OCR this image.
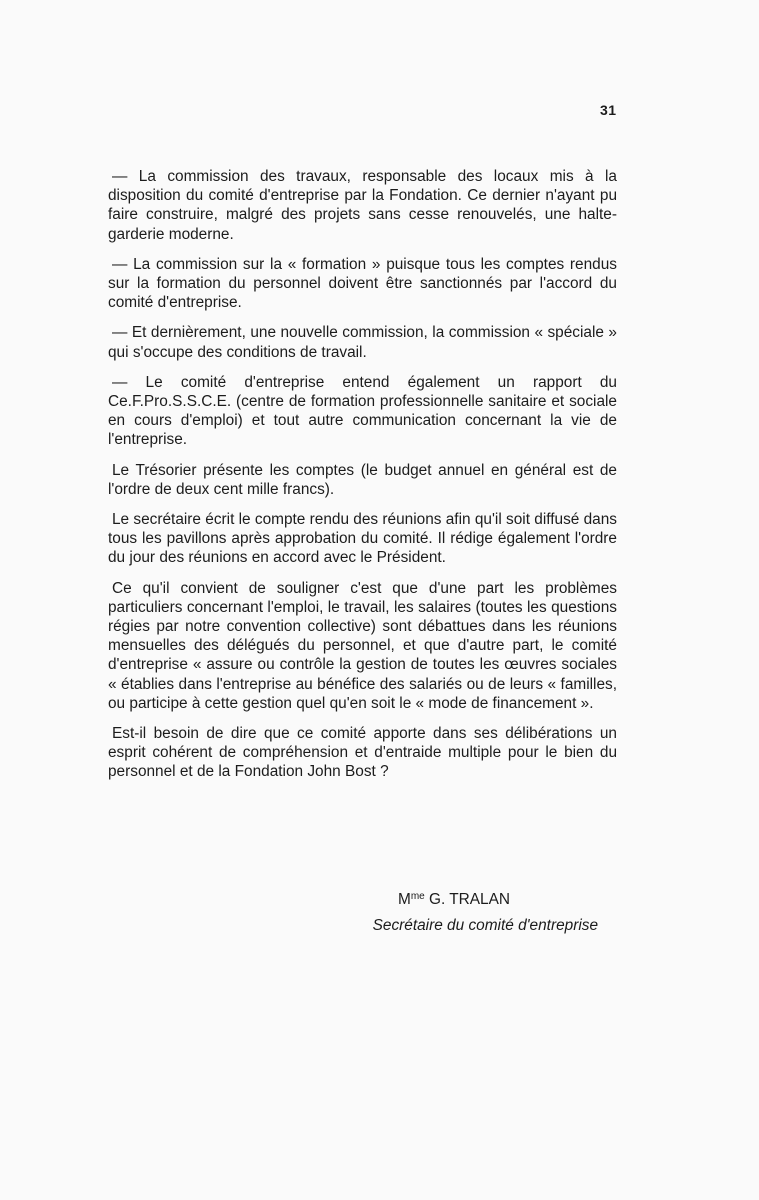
31

— La commission des travaux, responsable des locaux mis à la disposition du comité d'entreprise par la Fondation. Ce dernier n'ayant pu faire construire, malgré des projets sans cesse renouvelés, une halte-garderie moderne.

— La commission sur la « formation » puisque tous les comptes rendus sur la formation du personnel doivent être sanctionnés par l'accord du comité d'entreprise.

— Et dernièrement, une nouvelle commission, la commission « spéciale » qui s'occupe des conditions de travail.

— Le comité d'entreprise entend également un rapport du Ce.F.Pro.S.S.C.E. (centre de formation professionnelle sanitaire et sociale en cours d'emploi) et tout autre communication concernant la vie de l'entreprise.

Le Trésorier présente les comptes (le budget annuel en général est de l'ordre de deux cent mille francs).

Le secrétaire écrit le compte rendu des réunions afin qu'il soit diffusé dans tous les pavillons après approbation du comité. Il rédige également l'ordre du jour des réunions en accord avec le Président.

Ce qu'il convient de souligner c'est que d'une part les problèmes particuliers concernant l'emploi, le travail, les salaires (toutes les questions régies par notre convention collective) sont débattues dans les réunions mensuelles des délégués du personnel, et que d'autre part, le comité d'entreprise « assure ou contrôle la gestion de toutes les œuvres sociales « établies dans l'entreprise au bénéfice des salariés ou de leurs « familles, ou participe à cette gestion quel qu'en soit le « mode de financement ».

Est-il besoin de dire que ce comité apporte dans ses délibérations un esprit cohérent de compréhension et d'entraide multiple pour le bien du personnel et de la Fondation John Bost ?

$M^{me}$ G. TRALAN

Secrétaire du comité d'entreprise
